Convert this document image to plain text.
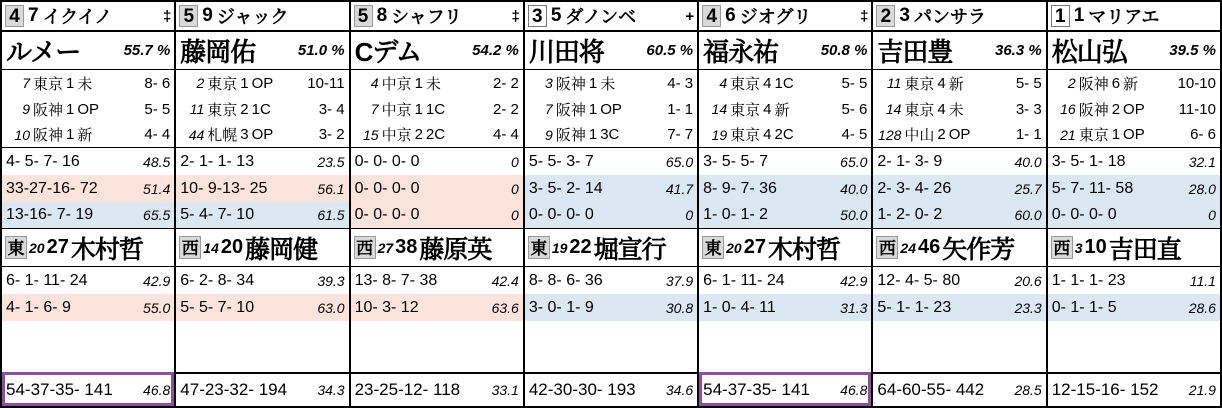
4 7 イクイノ	‡
ルメー	55.7 %
7 東京 1 未	8- 6
9 阪神 1 OP	5- 5
10 阪神 1 新	4- 4
4- 5- 7- 16	48.5
33-27-16- 72	51.4
13-16- 7- 19	65.5
東 20 27 木村哲
6- 1- 11- 24	42.9
4- 1- 6- 9	55.0
54-37-35- 141 46.8
5 9 ジャック
藤岡佑	51.0 %
2 東京 1 OP 10-11
11 東京 2 1C	3- 4
44 札幌 3 OP	3- 2
2- 1- 1- 13	23.5
10- 9-13- 25	56.1
5- 4- 7- 10	61.5
西 14 20 藤岡健
6- 2- 8- 34	39.3
5- 5- 7- 10	63.0
47-23-32- 194 34.3
5 8 シャフリ	‡
Cデム	54.2 %
4 中京 1 未	2- 2
7 中京 1 1C	2- 2
15 中京 2 2C	4- 4
0- 0- 0- 0	0
0- 0- 0- 0	0
0- 0- 0- 0	0
西 27 38 藤原英
13- 8- 7- 38	42.4
10- 3- 12	63.6
23-25-12- 118 33.1
3 5 ダノンベ	+
川田将	60.5 %
3 阪神 1 未	4- 3
7 阪神 1 OP	1- 1
9 阪神 1 3C	7- 7
5- 5- 3- 7	65.0
3- 5- 2- 14	41.7
0- 0- 0- 0	0
東 19 22 堀宣行
8- 8- 6- 36	37.9
3- 0- 1- 9	30.8
42-30-30- 193 34.6
4 6 ジオグリ	‡
福永祐	50.8 %
4 東京 4 1C	5- 5
14 東京 4 新	5- 6
19 東京 4 2C	4- 5
3- 5- 5- 7	65.0
8- 9- 7- 36	40.0
1- 0- 1- 2	50.0
東 20 27 木村哲
6- 1- 11- 24	42.9
1- 0- 4- 11	31.3
54-37-35- 141 46.8
2 3 パンサラ
吉田豊	36.3 %
11 東京 4 新	5- 5
14 東京 4 未	3- 3
128 中山 2 OP	1- 1
2- 1- 3- 9	40.0
2- 3- 4- 26	25.7
1- 2- 0- 2	60.0
西 24 46 矢作芳
12- 4- 5- 80	20.6
5- 1- 1- 23	23.3
64-60-55- 442 28.5
1 1 マリアエ
松山弘	39.5 %
2 阪神 6 新	10-10
16 阪神 2 OP 11-10
21 東京 1 OP	6- 6
3- 5- 1- 18	32.1
5- 7- 11- 58	28.0
0- 0- 0- 0	0
西 3 10 吉田直
1- 1- 1- 23	11.1
0- 1- 1- 5	28.6
12-15-16- 152 21.9
